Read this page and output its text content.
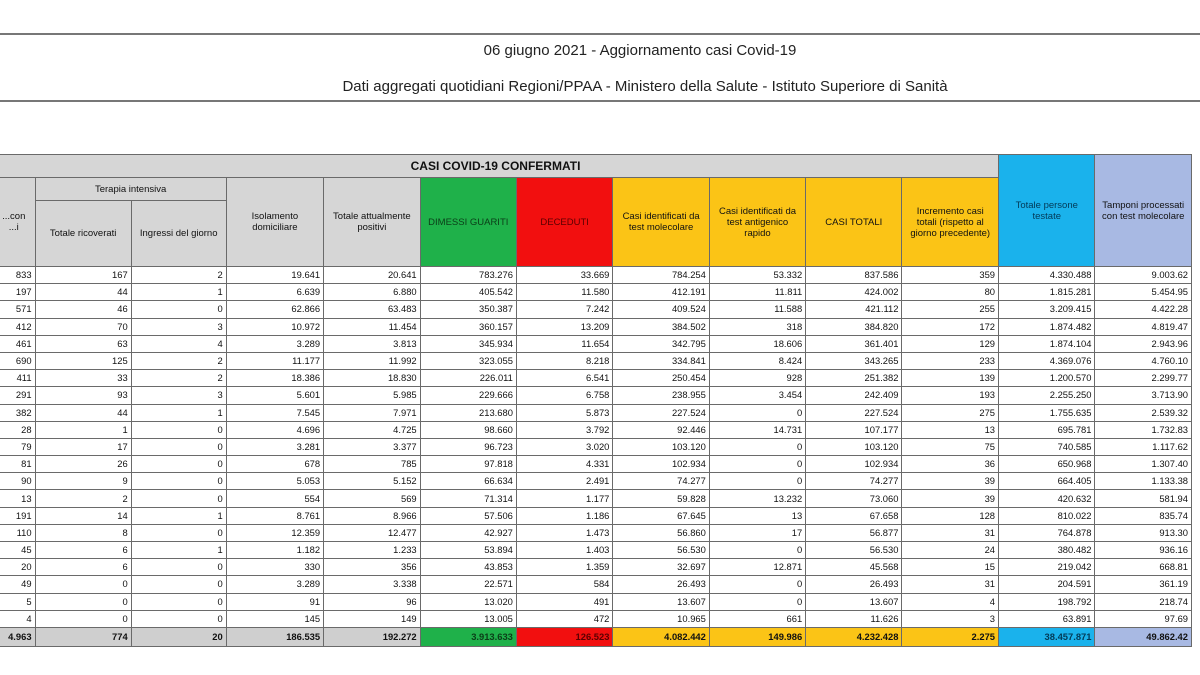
06 giugno 2021 - Aggiornamento casi Covid-19
Dati aggregati quotidiani Regioni/PPAA - Ministero della Salute - Istituto Superiore di Sanità
CASI COVID-19 CONFERMATI											Totale persone testate	Tamponi processati con test molecolare
...con ...i	Terapia intensiva		Isolamento domiciliare	Totale attualmente positivi	DIMESSI GUARITI	DECEDUTI	Casi identificati da test molecolare	Casi identificati da test antigenico rapido	CASI TOTALI	Incremento casi totali (rispetto al giorno precedente)		
	Totale ricoverati	Ingressi del giorno										
833	167	2	19.641	20.641	783.276	33.669	784.254	53.332	837.586	359	4.330.488	9.003.62
197	44	1	6.639	6.880	405.542	11.580	412.191	11.811	424.002	80	1.815.281	5.454.95
571	46	0	62.866	63.483	350.387	7.242	409.524	11.588	421.112	255	3.209.415	4.422.28
412	70	3	10.972	11.454	360.157	13.209	384.502	318	384.820	172	1.874.482	4.819.47
461	63	4	3.289	3.813	345.934	11.654	342.795	18.606	361.401	129	1.874.104	2.943.96
690	125	2	11.177	11.992	323.055	8.218	334.841	8.424	343.265	233	4.369.076	4.760.10
411	33	2	18.386	18.830	226.011	6.541	250.454	928	251.382	139	1.200.570	2.299.77
291	93	3	5.601	5.985	229.666	6.758	238.955	3.454	242.409	193	2.255.250	3.713.90
382	44	1	7.545	7.971	213.680	5.873	227.524	0	227.524	275	1.755.635	2.539.32
28	1	0	4.696	4.725	98.660	3.792	92.446	14.731	107.177	13	695.781	1.732.83
79	17	0	3.281	3.377	96.723	3.020	103.120	0	103.120	75	740.585	1.117.62
81	26	0	678	785	97.818	4.331	102.934	0	102.934	36	650.968	1.307.40
90	9	0	5.053	5.152	66.634	2.491	74.277	0	74.277	39	664.405	1.133.38
13	2	0	554	569	71.314	1.177	59.828	13.232	73.060	39	420.632	581.94
191	14	1	8.761	8.966	57.506	1.186	67.645	13	67.658	128	810.022	835.74
110	8	0	12.359	12.477	42.927	1.473	56.860	17	56.877	31	764.878	913.30
45	6	1	1.182	1.233	53.894	1.403	56.530	0	56.530	24	380.482	936.16
20	6	0	330	356	43.853	1.359	32.697	12.871	45.568	15	219.042	668.81
49	0	0	3.289	3.338	22.571	584	26.493	0	26.493	31	204.591	361.19
5	0	0	91	96	13.020	491	13.607	0	13.607	4	198.792	218.74
4	0	0	145	149	13.005	472	10.965	661	11.626	3	63.891	97.69
4.963	774	20	186.535	192.272	3.913.633	126.523	4.082.442	149.986	4.232.428	2.275	38.457.871	49.862.42
